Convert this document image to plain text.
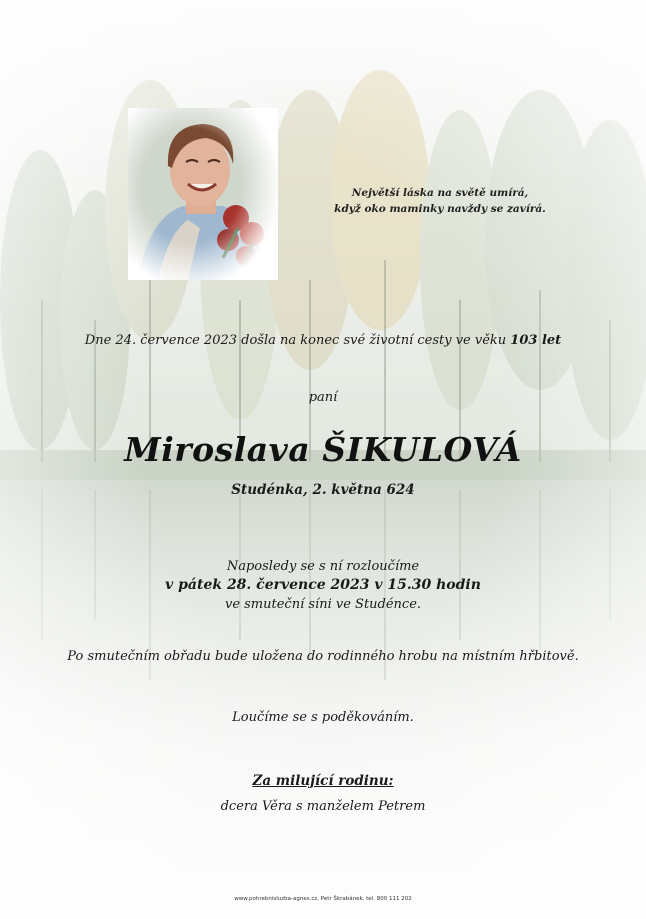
Největší láska na světě umírá,
když oko maminky navždy se zavírá.

Dne 24. července 2023 došla na konec své životní cesty ve věku 103 let

paní

Miroslava ŠIKULOVÁ

Studénka, 2. května 624

Naposledy se s ní rozloučíme
v pátek 28. července 2023 v 15.30 hodin
ve smuteční síni ve Studénce.

Po smutečním obřadu bude uložena do rodinného hrobu na místním hřbitově.

Loučíme se s poděkováním.

Za milující rodinu:

dcera Věra s manželem Petrem

www.pohrebnisluzba-agnes.cz, Petr Škrabánek, tel. 800 111 202
